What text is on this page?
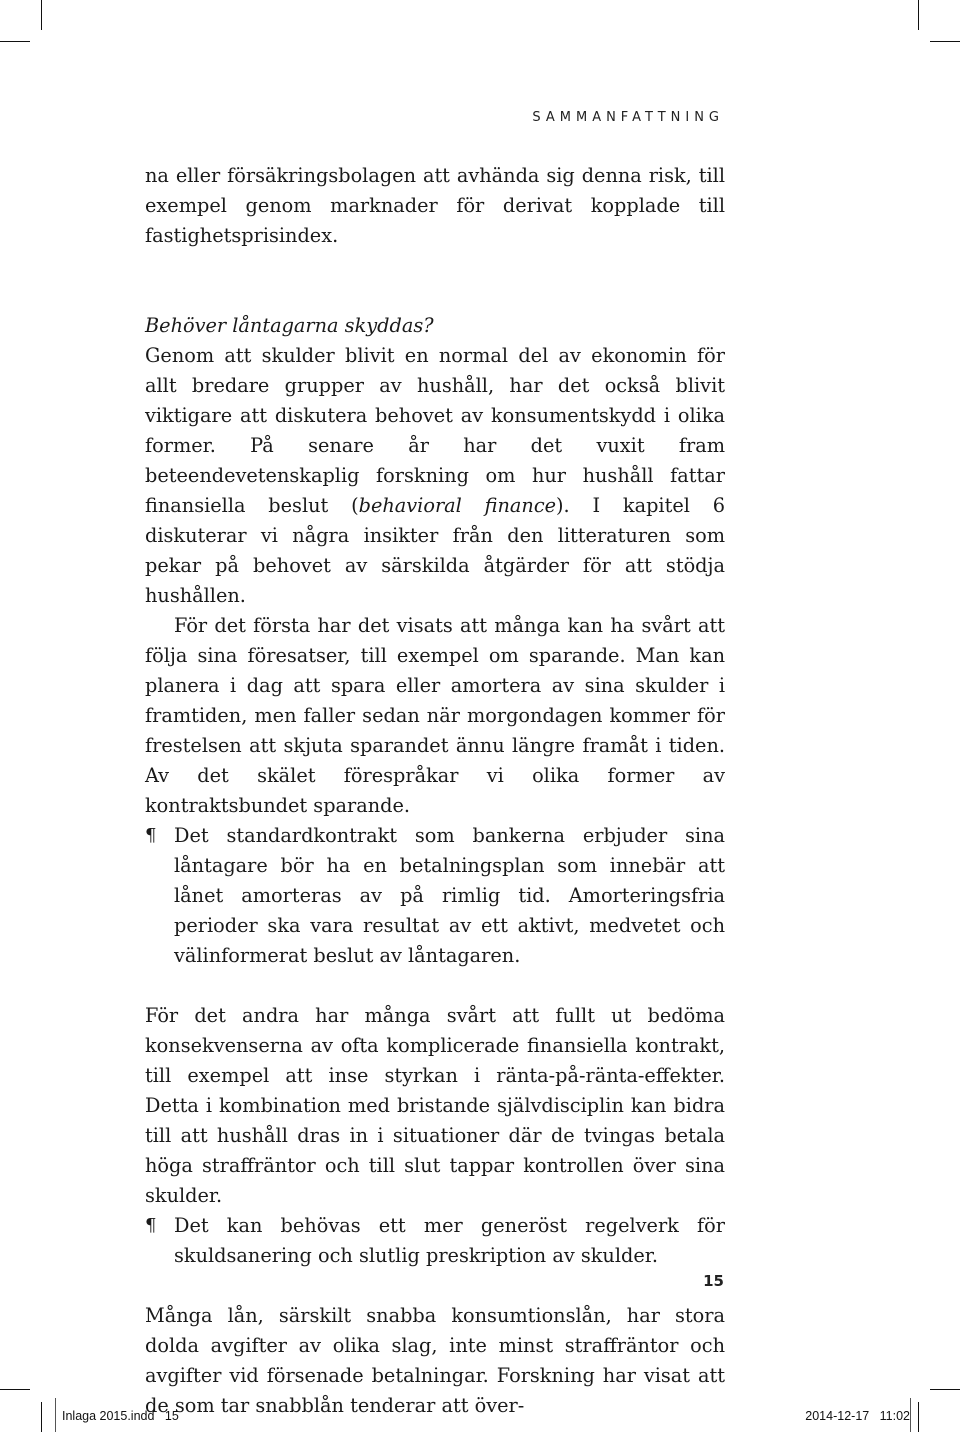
SAMMANFATTNING

na eller försäkringsbolagen att avhända sig denna risk, till exempel genom marknader för derivat kopplade till fastighetsprisindex.

Behöver låntagarna skyddas?

Genom att skulder blivit en normal del av ekonomin för allt bredare grupper av hushåll, har det också blivit viktigare att diskutera behovet av konsumentskydd i olika former. På senare år har det vuxit fram beteendevetenskaplig forskning om hur hushåll fattar finansiella beslut (behavioral finance). I kapitel 6 diskuterar vi några insikter från den litteraturen som pekar på behovet av särskilda åtgärder för att stödja hushållen.

För det första har det visats att många kan ha svårt att följa sina föresatser, till exempel om sparande. Man kan planera i dag att spara eller amortera av sina skulder i framtiden, men faller sedan när morgondagen kommer för frestelsen att skjuta sparandet ännu längre framåt i tiden. Av det skälet förespråkar vi olika former av kontraktsbundet sparande.

¶ Det standardkontrakt som bankerna erbjuder sina låntagare bör ha en betalningsplan som innebär att lånet amorteras av på rimlig tid. Amorteringsfria perioder ska vara resultat av ett aktivt, medvetet och välinformerat beslut av låntagaren.

För det andra har många svårt att fullt ut bedöma konsekvenserna av ofta komplicerade finansiella kontrakt, till exempel att inse styrkan i ränta-på-ränta-effekter. Detta i kombination med bristande självdisciplin kan bidra till att hushåll dras in i situationer där de tvingas betala höga straffräntor och till slut tappar kontrollen över sina skulder.

¶ Det kan behövas ett mer generöst regelverk för skuldsanering och slutlig preskription av skulder.

Många lån, särskilt snabba konsumtionslån, har stora dolda avgifter av olika slag, inte minst straffräntor och avgifter vid försenade betalningar. Forskning har visat att de som tar snabblån tenderar att över-

15
Inlaga 2015.indd   15	2014-12-17   11:02
